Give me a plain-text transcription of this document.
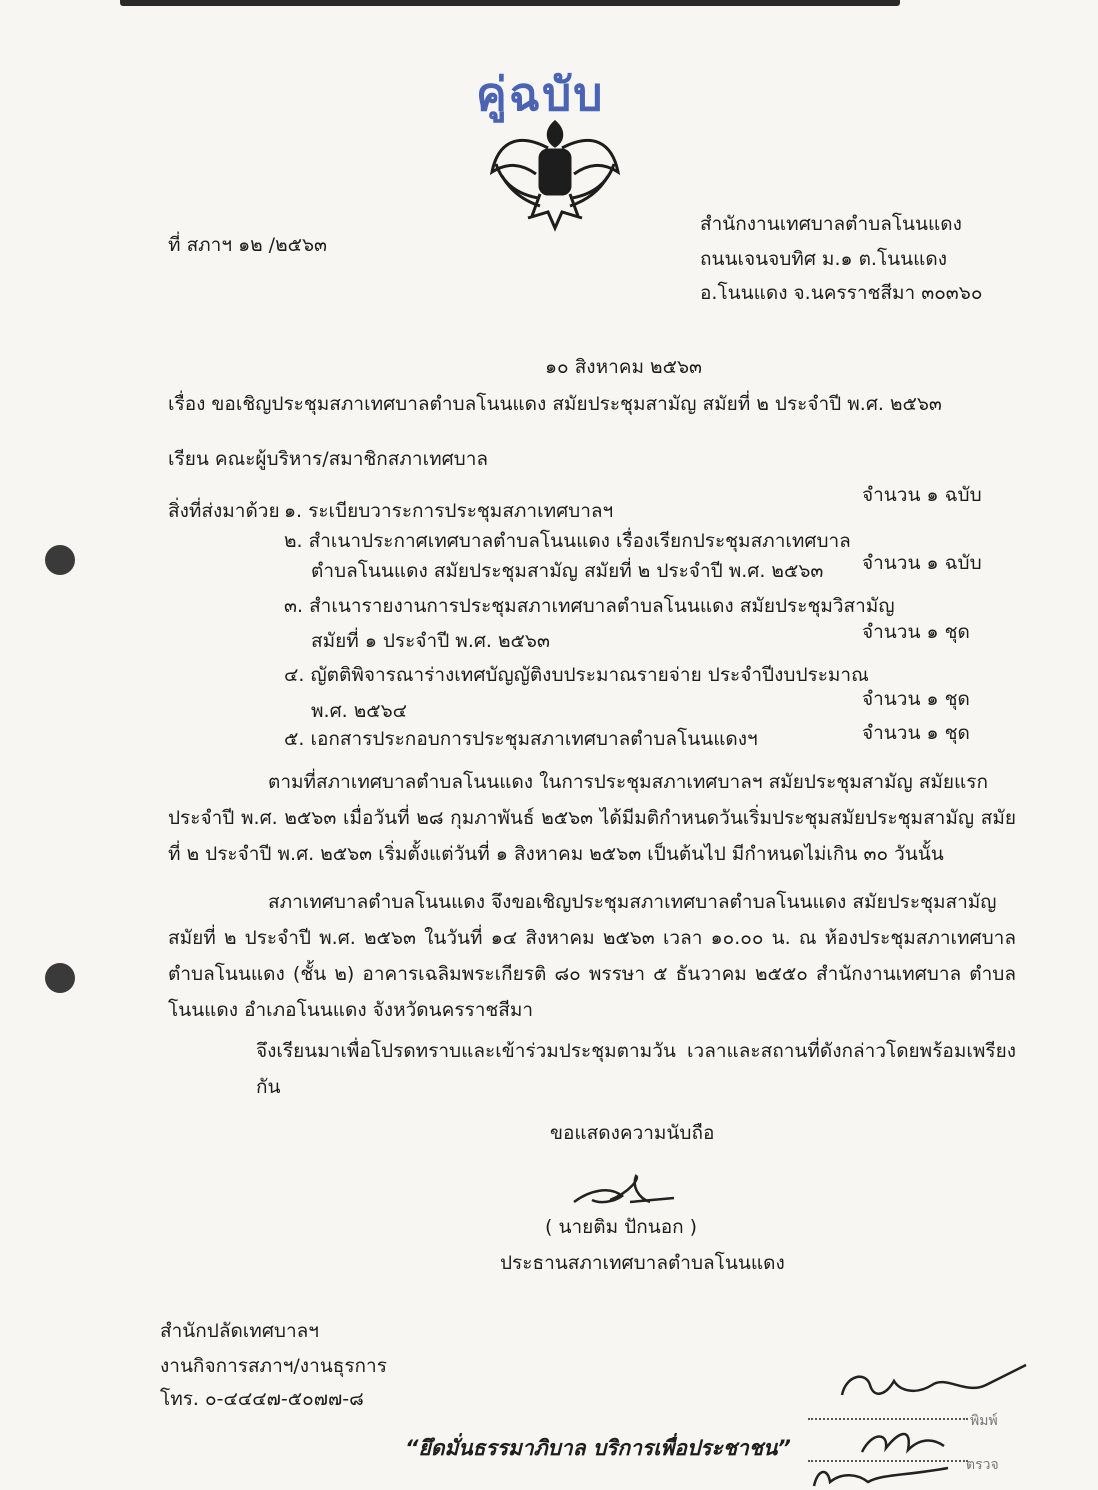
คู่ฉบับ
ที่ สภาฯ ๑๒ /๒๕๖๓
สำนักงานเทศบาลตำบลโนนแดง
ถนนเจนจบทิศ ม.๑ ต.โนนแดง
อ.โนนแดง จ.นครราชสีมา ๓๐๓๖๐
๑๐ สิงหาคม ๒๕๖๓
เรื่อง ขอเชิญประชุมสภาเทศบาลตำบลโนนแดง สมัยประชุมสามัญ สมัยที่ ๒ ประจำปี พ.ศ. ๒๕๖๓
เรียน คณะผู้บริหาร/สมาชิกสภาเทศบาล
สิ่งที่ส่งมาด้วย ๑. ระเบียบวาระการประชุมสภาเทศบาลฯ
จำนวน ๑ ฉบับ
๒. สำเนาประกาศเทศบาลตำบลโนนแดง เรื่องเรียกประชุมสภาเทศบาล
ตำบลโนนแดง สมัยประชุมสามัญ สมัยที่ ๒ ประจำปี พ.ศ. ๒๕๖๓ จำนวน ๑ ฉบับ
๓. สำเนารายงานการประชุมสภาเทศบาลตำบลโนนแดง สมัยประชุมวิสามัญ
สมัยที่ ๑ ประจำปี พ.ศ. ๒๕๖๓	จำนวน ๑ ชุด
๔. ญัตติพิจารณาร่างเทศบัญญัติงบประมาณรายจ่าย ประจำปีงบประมาณ
พ.ศ. ๒๕๖๔
จำนวน ๑ ชุด
๕. เอกสารประกอบการประชุมสภาเทศบาลตำบลโนนแดงฯ	จำนวน ๑ ชุด
ตามที่สภาเทศบาลตำบลโนนแดง ในการประชุมสภาเทศบาลฯ สมัยประชุมสามัญ สมัยแรก
ประจำปี พ.ศ. ๒๕๖๓ เมื่อวันที่ ๒๘ กุมภาพันธ์ ๒๕๖๓ ได้มีมติกำหนดวันเริ่มประชุมสมัยประชุมสามัญ สมัยที่ ๒ ประจำปี พ.ศ. ๒๕๖๓ เริ่มตั้งแต่วันที่ ๑ สิงหาคม ๒๕๖๓ เป็นต้นไป มีกำหนดไม่เกิน ๓๐ วันนั้น
สภาเทศบาลตำบลโนนแดง จึงขอเชิญประชุมสภาเทศบาลตำบลโนนแดง สมัยประชุมสามัญ
สมัยที่ ๒ ประจำปี พ.ศ. ๒๕๖๓ ในวันที่ ๑๔ สิงหาคม ๒๕๖๓ เวลา ๑๐.๐๐ น. ณ ห้องประชุมสภาเทศบาล ตำบลโนนแดง (ชั้น ๒) อาคารเฉลิมพระเกียรติ ๘๐ พรรษา ๕ ธันวาคม ๒๕๕๐ สำนักงานเทศบาล ตำบลโนนแดง อำเภอโนนแดง จังหวัดนครราชสีมา
จึงเรียนมาเพื่อโปรดทราบและเข้าร่วมประชุมตามวัน เวลาและสถานที่ดังกล่าวโดยพร้อมเพรียงกัน
ขอแสดงความนับถือ
( นายติม ปักนอก )
ประธานสภาเทศบาลตำบลโนนแดง
สำนักปลัดเทศบาลฯ
งานกิจการสภาฯ/งานธุรการ
โทร. ๐-๔๔๔๗-๕๐๗๗-๘
“ยึดมั่นธรรมาภิบาล บริการเพื่อประชาชน”
พิมพ์
ตรวจ
